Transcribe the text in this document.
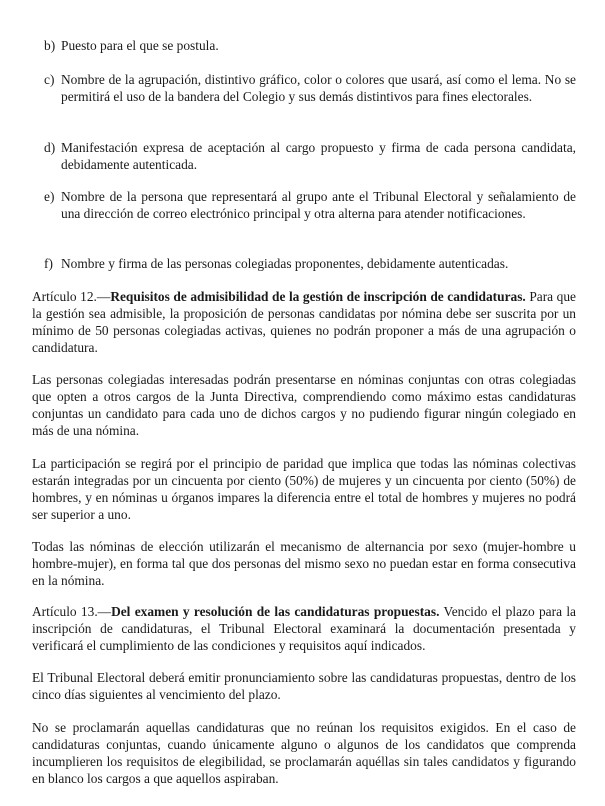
b) Puesto para el que se postula.
c) Nombre de la agrupación, distintivo gráfico, color o colores que usará, así como el lema. No se permitirá el uso de la bandera del Colegio y sus demás distintivos para fines electorales.
d) Manifestación expresa de aceptación al cargo propuesto y firma de cada persona candidata, debidamente autenticada.
e) Nombre de la persona que representará al grupo ante el Tribunal Electoral y señalamiento de una dirección de correo electrónico principal y otra alterna para atender notificaciones.
f) Nombre y firma de las personas colegiadas proponentes, debidamente autenticadas.

Artículo 12.—Requisitos de admisibilidad de la gestión de inscripción de candidaturas. Para que la gestión sea admisible, la proposición de personas candidatas por nómina debe ser suscrita por un mínimo de 50 personas colegiadas activas, quienes no podrán proponer a más de una agrupación o candidatura.

Las personas colegiadas interesadas podrán presentarse en nóminas conjuntas con otras colegiadas que opten a otros cargos de la Junta Directiva, comprendiendo como máximo estas candidaturas conjuntas un candidato para cada uno de dichos cargos y no pudiendo figurar ningún colegiado en más de una nómina.

La participación se regirá por el principio de paridad que implica que todas las nóminas colectivas estarán integradas por un cincuenta por ciento (50%) de mujeres y un cincuenta por ciento (50%) de hombres, y en nóminas u órganos impares la diferencia entre el total de hombres y mujeres no podrá ser superior a uno.

Todas las nóminas de elección utilizarán el mecanismo de alternancia por sexo (mujer-hombre u hombre-mujer), en forma tal que dos personas del mismo sexo no puedan estar en forma consecutiva en la nómina.

Artículo 13.—Del examen y resolución de las candidaturas propuestas. Vencido el plazo para la inscripción de candidaturas, el Tribunal Electoral examinará la documentación presentada y verificará el cumplimiento de las condiciones y requisitos aquí indicados.

El Tribunal Electoral deberá emitir pronunciamiento sobre las candidaturas propuestas, dentro de los cinco días siguientes al vencimiento del plazo.

No se proclamarán aquellas candidaturas que no reúnan los requisitos exigidos. En el caso de candidaturas conjuntas, cuando únicamente alguno o algunos de los candidatos que comprenda incumplieren los requisitos de elegibilidad, se proclamarán aquéllas sin tales candidatos y figurando en blanco los cargos a que aquellos aspiraban.
